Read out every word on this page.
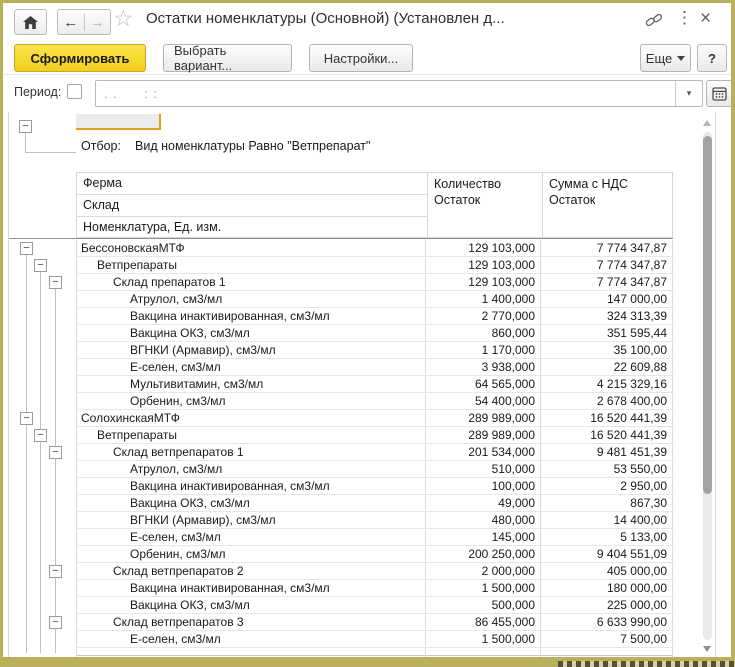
← → ☆ Остатки номенклатуры (Основной) (Установлен д...	⋮ ×
Сформировать	Выбрать вариант...	Настройки...	Еще	?
Период:
. . : :	▾
−
Отбор: Вид номенклатуры Равно "Ветпрепарат"
Ферма
Склад
Номенклатура, Ед. изм.
Количество
Остаток
Сумма с НДС
Остаток
БессоновскаяМТФ	129 103,000	7 774 347,87
Ветпрепараты	129 103,000	7 774 347,87
Склад препаратов 1	129 103,000	7 774 347,87
Атрулол, см3/мл	1 400,000	147 000,00
Вакцина инактивированная, см3/мл	2 770,000	324 313,39
Вакцина ОКЗ, см3/мл	860,000	351 595,44
ВГНКИ (Армавир), см3/мл	1 170,000	35 100,00
Е-селен, см3/мл	3 938,000	22 609,88
Мультивитамин, см3/мл	64 565,000	4 215 329,16
Орбенин, см3/мл	54 400,000	2 678 400,00
СолохинскаяМТФ	289 989,000	16 520 441,39
Ветпрепараты	289 989,000	16 520 441,39
Склад ветпрепаратов 1	201 534,000	9 481 451,39
Атрулол, см3/мл	510,000	53 550,00
Вакцина инактивированная, см3/мл	100,000	2 950,00
Вакцина ОКЗ, см3/мл	49,000	867,30
ВГНКИ (Армавир), см3/мл	480,000	14 400,00
Е-селен, см3/мл	145,000	5 133,00
Орбенин, см3/мл	200 250,000	9 404 551,09
Склад ветпрепаратов 2	2 000,000	405 000,00
Вакцина инактивированная, см3/мл	1 500,000	180 000,00
Вакцина ОКЗ, см3/мл	500,000	225 000,00
Склад ветпрепаратов 3	86 455,000	6 633 990,00
Е-селен, см3/мл	1 500,000	7 500,00
−
−
−
−
−
−
−
−
